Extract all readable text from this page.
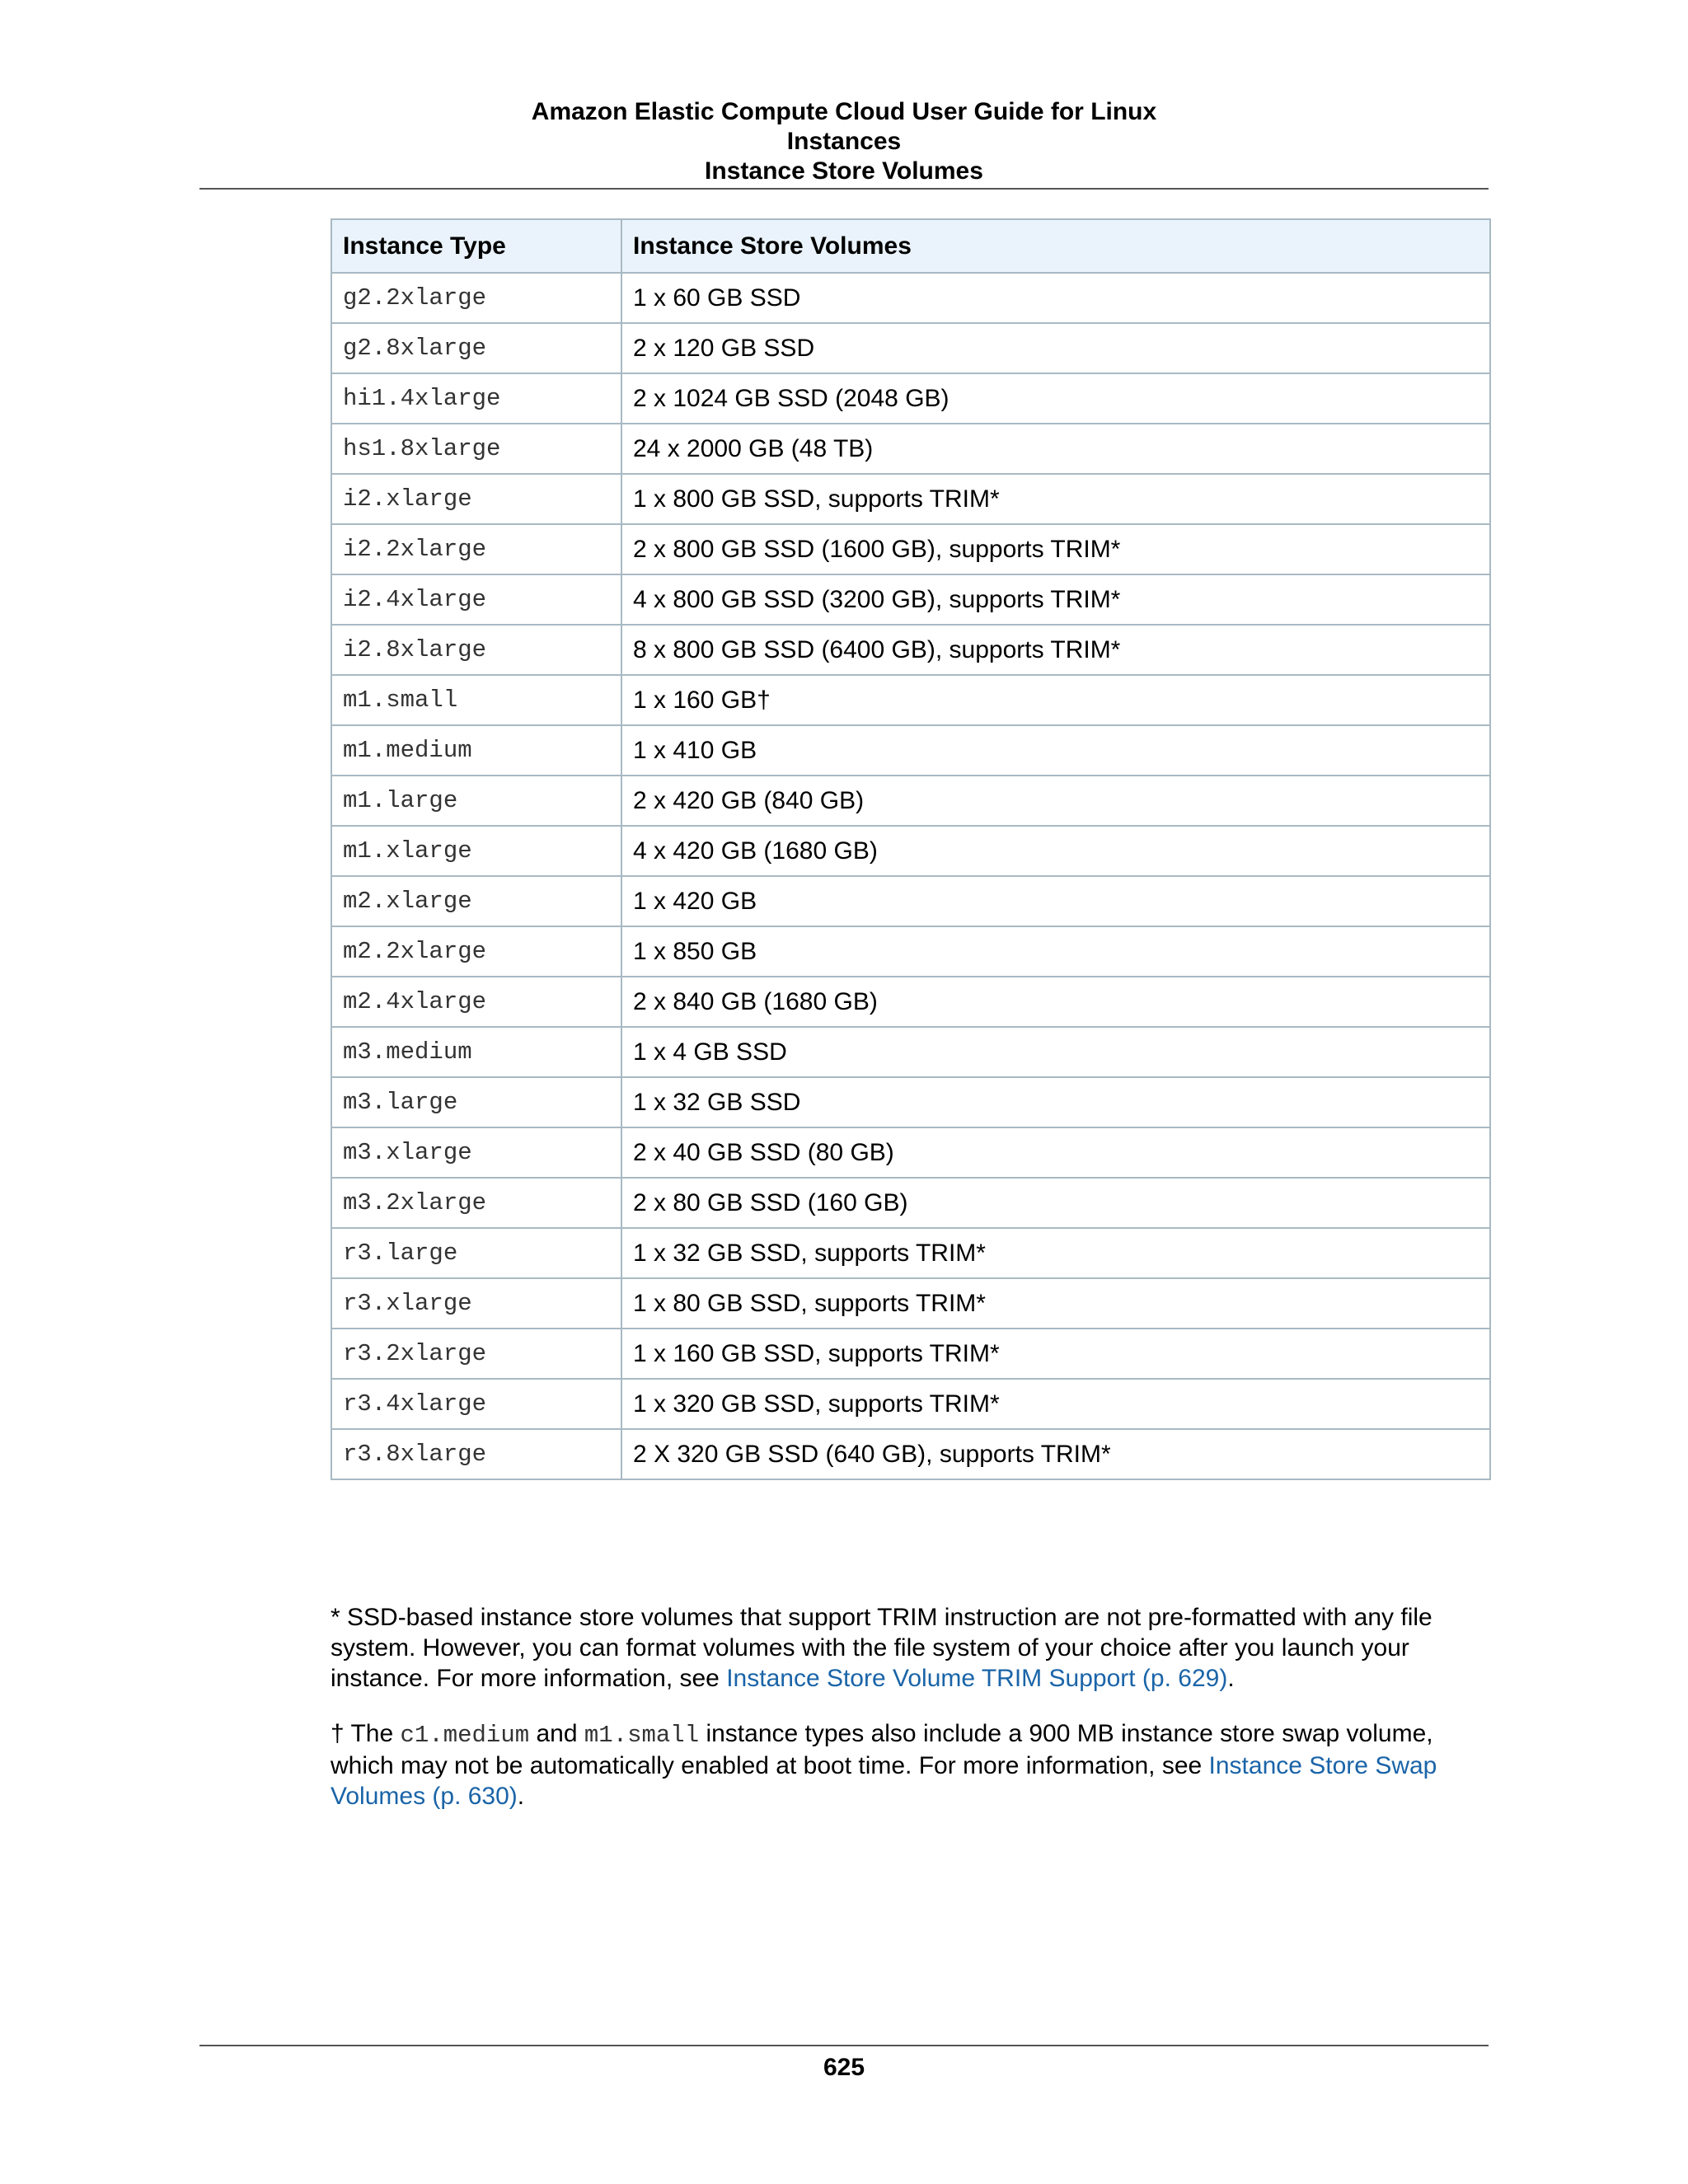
Amazon Elastic Compute Cloud User Guide for Linux
Instances
Instance Store Volumes
Instance Type	Instance Store Volumes
g2.2xlarge	1 x 60 GB SSD
g2.8xlarge	2 x 120 GB SSD
hi1.4xlarge	2 x 1024 GB SSD (2048 GB)
hs1.8xlarge	24 x 2000 GB (48 TB)
i2.xlarge	1 x 800 GB SSD, supports TRIM*
i2.2xlarge	2 x 800 GB SSD (1600 GB), supports TRIM*
i2.4xlarge	4 x 800 GB SSD (3200 GB), supports TRIM*
i2.8xlarge	8 x 800 GB SSD (6400 GB), supports TRIM*
m1.small	1 x 160 GB†
m1.medium	1 x 410 GB
m1.large	2 x 420 GB (840 GB)
m1.xlarge	4 x 420 GB (1680 GB)
m2.xlarge	1 x 420 GB
m2.2xlarge	1 x 850 GB
m2.4xlarge	2 x 840 GB (1680 GB)
m3.medium	1 x 4 GB SSD
m3.large	1 x 32 GB SSD
m3.xlarge	2 x 40 GB SSD (80 GB)
m3.2xlarge	2 x 80 GB SSD (160 GB)
r3.large	1 x 32 GB SSD, supports TRIM*
r3.xlarge	1 x 80 GB SSD, supports TRIM*
r3.2xlarge	1 x 160 GB SSD, supports TRIM*
r3.4xlarge	1 x 320 GB SSD, supports TRIM*
r3.8xlarge	2 X 320 GB SSD (640 GB), supports TRIM*

* SSD-based instance store volumes that support TRIM instruction are not pre-formatted with any file system. However, you can format volumes with the file system of your choice after you launch your instance. For more information, see Instance Store Volume TRIM Support (p. 629).

† The c1.medium and m1.small instance types also include a 900 MB instance store swap volume, which may not be automatically enabled at boot time. For more information, see Instance Store Swap Volumes (p. 630).

625
